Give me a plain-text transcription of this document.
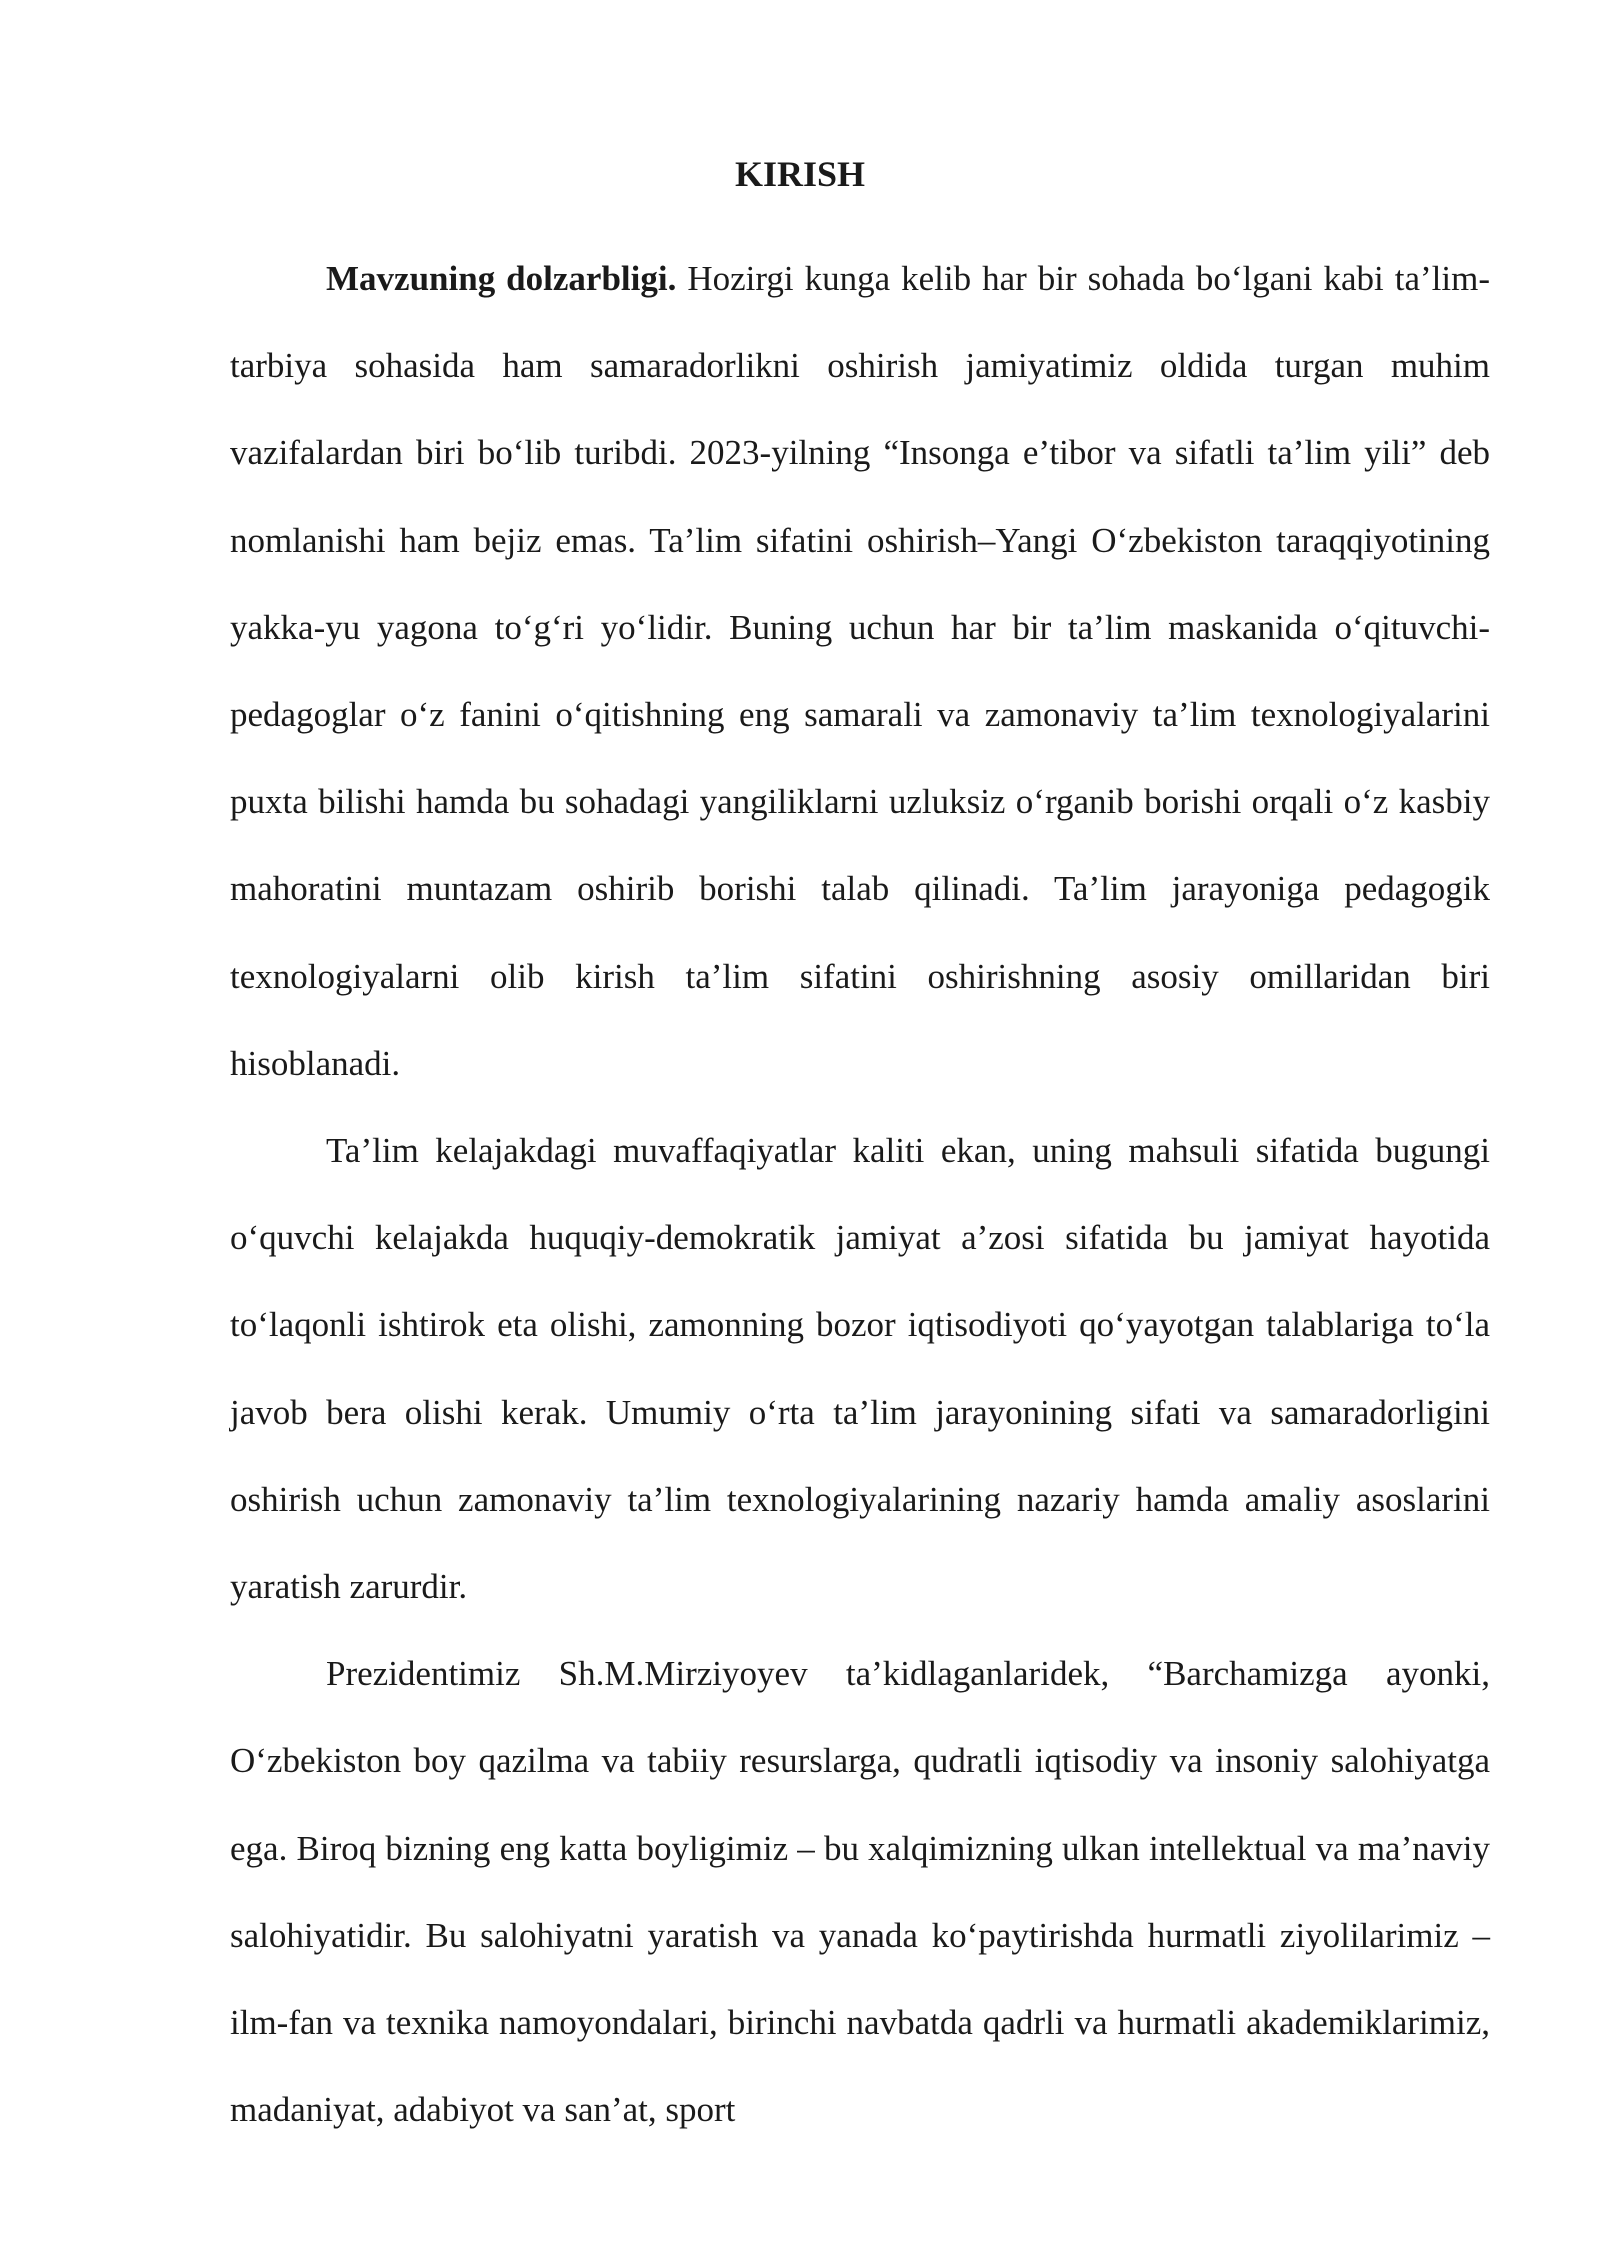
KIRISH

Mavzuning dolzarbligi. Hozirgi kunga kelib har bir sohada boʻlgani kabi ta’lim-tarbiya sohasida ham samaradorlikni oshirish jamiyatimiz oldida turgan muhim vazifalardan biri boʻlib turibdi. 2023-yilning “Insonga e’tibor va sifatli ta’lim yili” deb nomlanishi ham bejiz emas. Ta’lim sifatini oshirish–Yangi Oʻzbekiston taraqqiyotining yakka-yu yagona toʻgʻri yoʻlidir. Buning uchun har bir ta’lim maskanida oʻqituvchi-pedagoglar oʻz fanini oʻqitishning eng samarali va zamonaviy ta’lim texnologiyalarini puxta bilishi hamda bu sohadagi yangiliklarni uzluksiz oʻrganib borishi orqali oʻz kasbiy mahoratini muntazam oshirib borishi talab qilinadi. Ta’lim jarayoniga pedagogik texnologiyalarni olib kirish ta’lim sifatini oshirishning asosiy omillaridan biri hisoblanadi.

Ta’lim kelajakdagi muvaffaqiyatlar kaliti ekan, uning mahsuli sifatida bugungi oʻquvchi kelajakda huquqiy-demokratik jamiyat a’zosi sifatida bu jamiyat hayotida toʻlaqonli ishtirok eta olishi, zamonning bozor iqtisodiyoti qoʻyayotgan talablariga toʻla javob bera olishi kerak. Umumiy oʻrta ta’lim jarayonining sifati va samaradorligini oshirish uchun zamonaviy ta’lim texnologiyalarining nazariy hamda amaliy asoslarini yaratish zarurdir.

Prezidentimiz Sh.M.Mirziyoyev ta’kidlaganlaridek, “Barchamizga ayonki, Oʻzbekiston boy qazilma va tabiiy resurslarga, qudratli iqtisodiy va insoniy salohiyatga ega. Biroq bizning eng katta boyligimiz – bu xalqimizning ulkan intellektual va ma’naviy salohiyatidir. Bu salohiyatni yaratish va yanada koʻpaytirishda hurmatli ziyolilarimiz – ilm-fan va texnika namoyondalari, birinchi navbatda qadrli va hurmatli akademiklarimiz, madaniyat, adabiyot va san’at, sport
